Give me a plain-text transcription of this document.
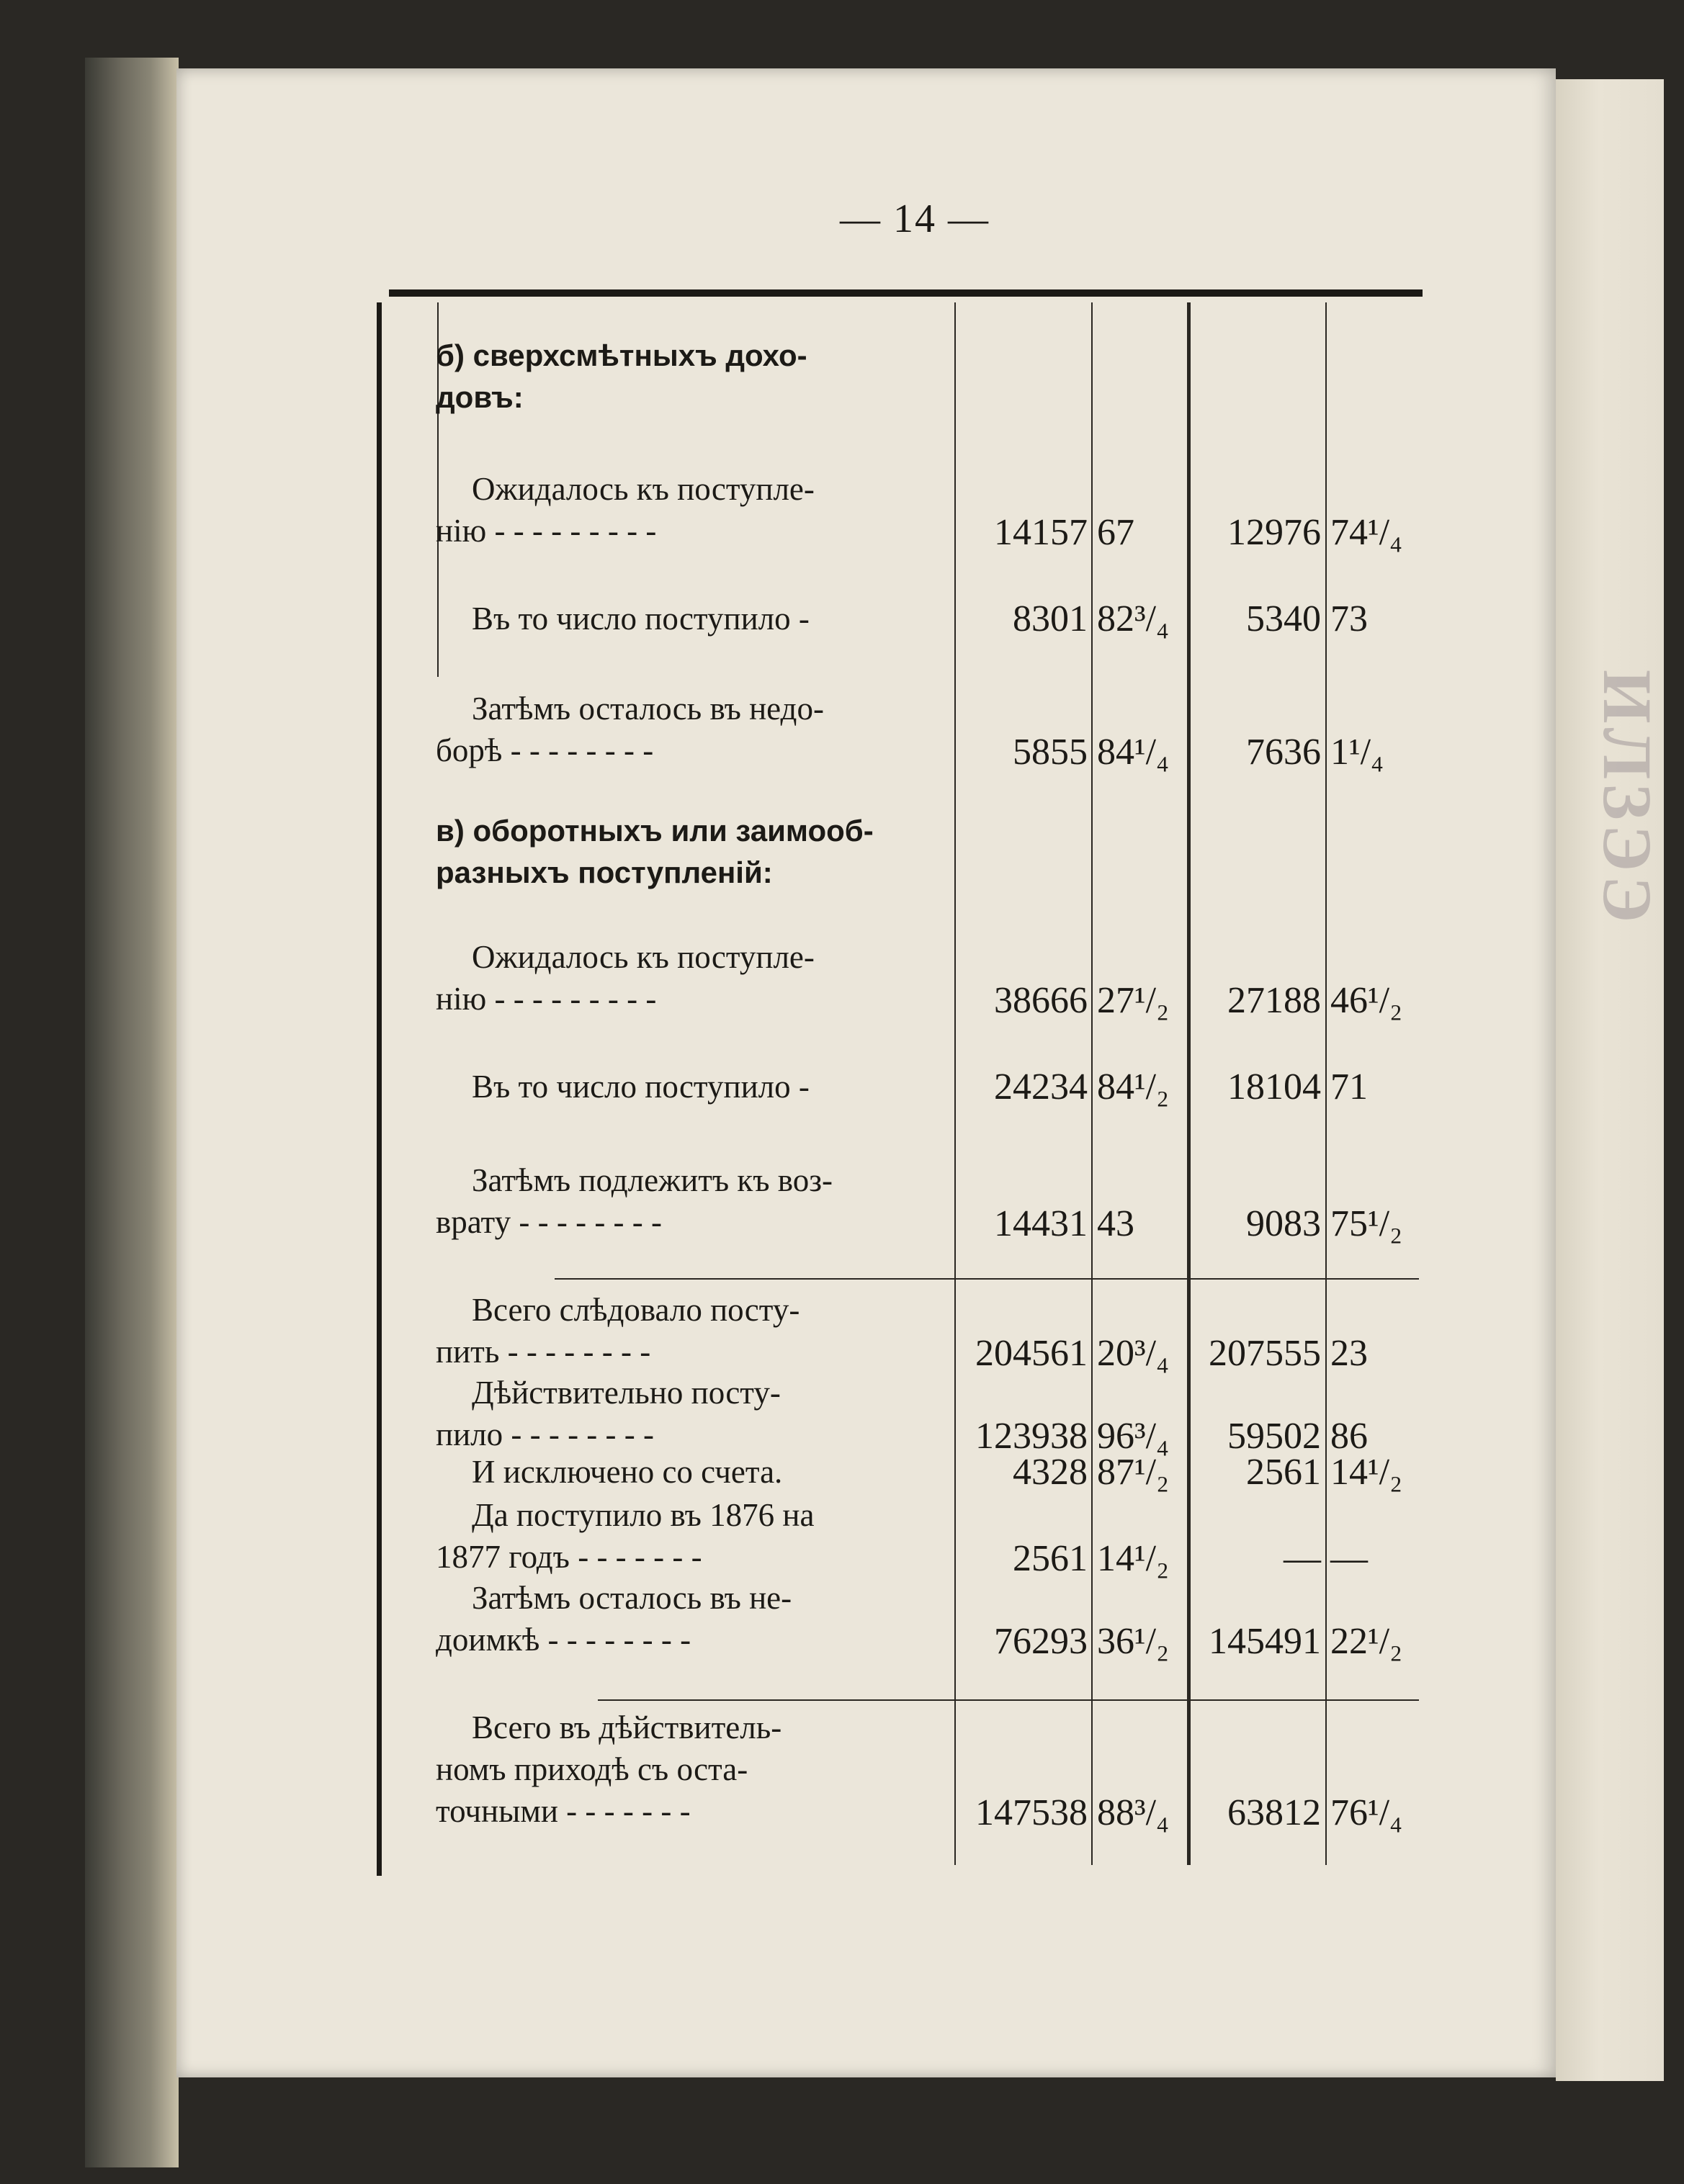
ИЛЗЭЭ
— 14 —
б) сверхсмѣтныхъ дохо-
довъ:
Ожидалось къ поступле-
нію - - - - - - - - -	14157 67 12976 74¹/₄
Въ то число поступило -	8301 82³/₄ 5340 73
Затѣмъ осталось въ недо-
борѣ - - - - - - - -	5855 84¹/₄ 7636 1¹/₄
в) оборотныхъ или заимооб-
разныхъ поступленій:
Ожидалось къ поступле-
нію - - - - - - - - -	38666 27¹/₂ 27188 46¹/₂
Въ то число поступило -	24234 84¹/₂ 18104 71
Затѣмъ подлежитъ къ воз-
врату - - - - - - - -	14431 43	9083 75¹/₂
Всего слѣдовало посту-
пить - - - - - - - -	204561 20³/₄ 207555 23
Дѣйствительно посту-
пило - - - - - - - -	123938 96³/₄ 59502 86
И исключено со счета.	4328 87¹/₂ 2561 14¹/₂
Да поступило въ 1876 на
1877 годъ - - - - - - -	2561 14¹/₂	— —
Затѣмъ осталось въ не-
доимкѣ - - - - - - - -	76293 36¹/₂ 145491 22¹/₂
Всего въ дѣйствитель-
номъ приходѣ съ оста-
точными - - - - - - -	147538 88³/₄ 63812 76¹/₄
